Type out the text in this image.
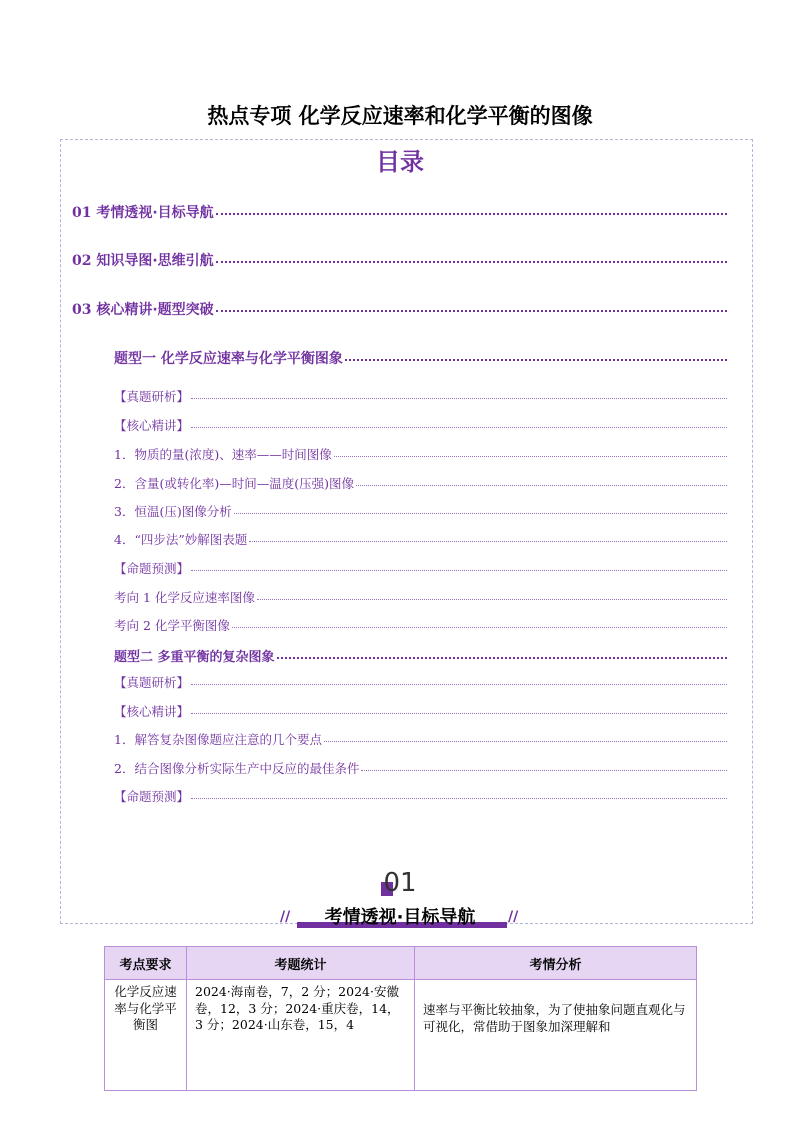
热点专项 化学反应速率和化学平衡的图像
目录
01 考情透视·目标导航
02 知识导图·思维引航
03 核心精讲·题型突破
题型一 化学反应速率与化学平衡图象
【真题研析】
【核心精讲】
1．物质的量(浓度)、速率——时间图像
2．含量(或转化率)—时间—温度(压强)图像
3．恒温(压)图像分析
4．“四步法”妙解图表题
【命题预测】
考向 1 化学反应速率图像
考向 2 化学平衡图像
题型二 多重平衡的复杂图象
【真题研析】
【核心精讲】
1．解答复杂图像题应注意的几个要点
2．结合图像分析实际生产中反应的最佳条件
【命题预测】
01
//	//
考情透视·目标导航
考点要求	考题统计	考情分析
化学反应速率与化学平衡图	2024·海南卷，7，2 分；2024·安徽卷，12，3 分；2024·重庆卷，14，3 分；2024·山东卷，15，4	速率与平衡比较抽象，为了使抽象问题直观化与可视化，常借助于图象加深理解和
